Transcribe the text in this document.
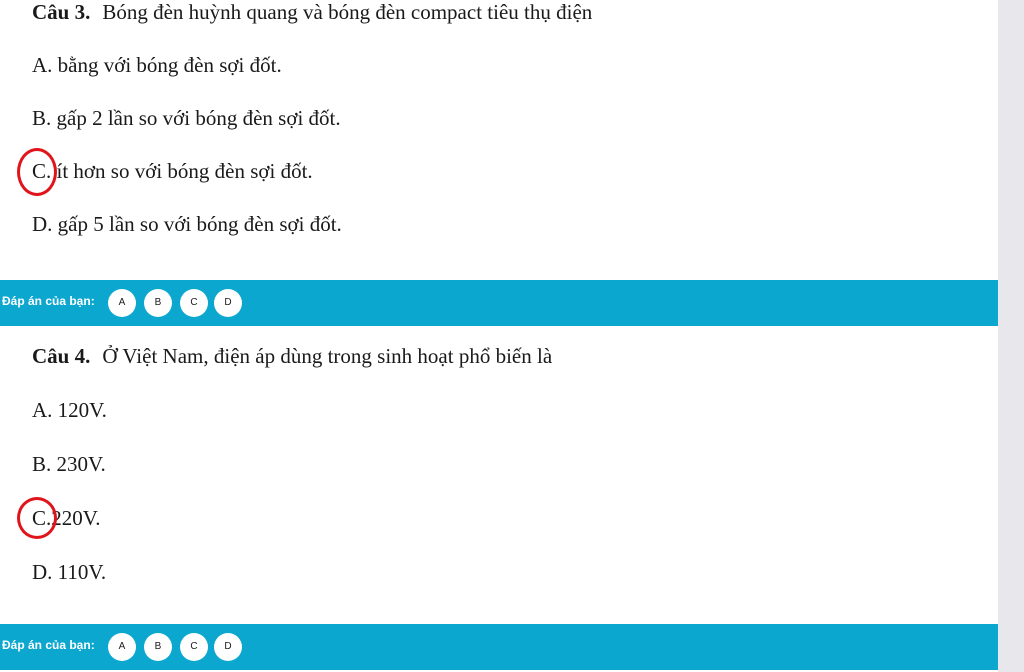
Câu 3. Bóng đèn huỳnh quang và bóng đèn compact tiêu thụ điện
A. bằng với bóng đèn sợi đốt.
B. gấp 2 lần so với bóng đèn sợi đốt.
C. ít hơn so với bóng đèn sợi đốt.
D. gấp 5 lần so với bóng đèn sợi đốt.
Đáp án của bạn:	A	B	C	D
Câu 4. Ở Việt Nam, điện áp dùng trong sinh hoạt phổ biến là
A. 120V.
B. 230V.
C.220V.
D. 110V.
Đáp án của bạn:	A	B	C	D
